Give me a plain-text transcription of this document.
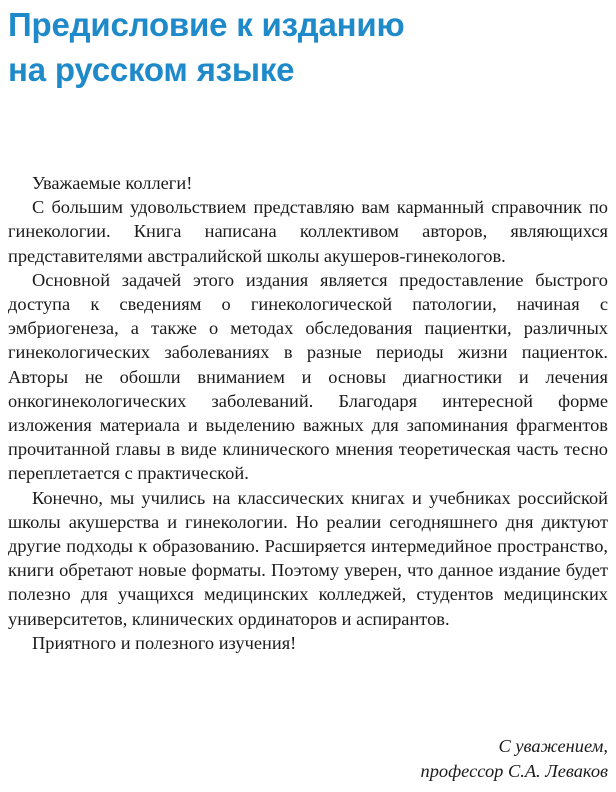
Предисловие к изданию
на русском языке

Уважаемые коллеги!

С большим удовольствием представляю вам карманный справочник по гинекологии. Книга написана коллективом авторов, являющихся представителями австралийской школы акушеров-гинекологов.

Основной задачей этого издания является предоставление быстрого доступа к сведениям о гинекологической патологии, начиная с эмбриогенеза, а также о методах обследования пациентки, различных гинекологических заболеваниях в разные периоды жизни пациенток. Авторы не обошли вниманием и основы диагностики и лечения онкогинекологических заболеваний. Благодаря интересной форме изложения материала и выделению важных для запоминания фрагментов прочитанной главы в виде клинического мнения теоретическая часть тесно переплетается с практической.

Конечно, мы учились на классических книгах и учебниках российской школы акушерства и гинекологии. Но реалии сегодняшнего дня диктуют другие подходы к образованию. Расширяется интермедийное пространство, книги обретают новые форматы. Поэтому уверен, что данное издание будет полезно для учащихся медицинских колледжей, студентов медицинских университетов, клинических ординаторов и аспирантов.

Приятного и полезного изучения!

С уважением,
профессор С.А. Леваков
